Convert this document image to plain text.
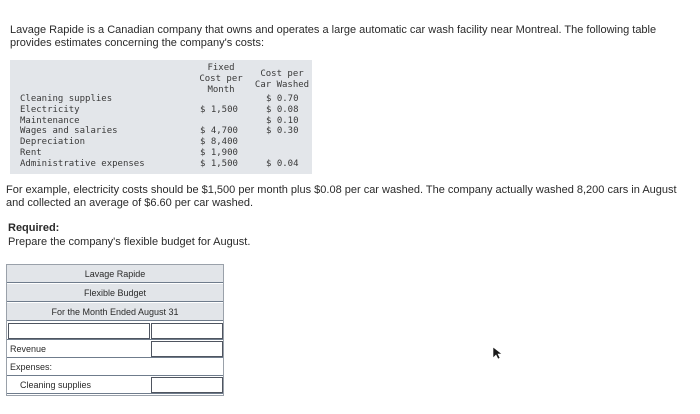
Lavage Rapide is a Canadian company that owns and operates a large automatic car wash facility near Montreal. The following table provides estimates concerning the company's costs:
Fixed
Cost per
Month
Cost per
Car Washed
Cleaning supplies
Electricity
Maintenance
Wages and salaries
Depreciation
Rent
Administrative expenses
$ 1,500
$ 4,700
$ 8,400
$ 1,900
$ 1,500
$ 0.70
$ 0.08
$ 0.10
$ 0.30
$ 0.04
For example, electricity costs should be $1,500 per month plus $0.08 per car washed. The company actually washed 8,200 cars in August and collected an average of $6.60 per car washed.
Required:
Prepare the company's flexible budget for August.
Lavage Rapide
Flexible Budget
For the Month Ended August 31
Revenue
Expenses:
Cleaning supplies
